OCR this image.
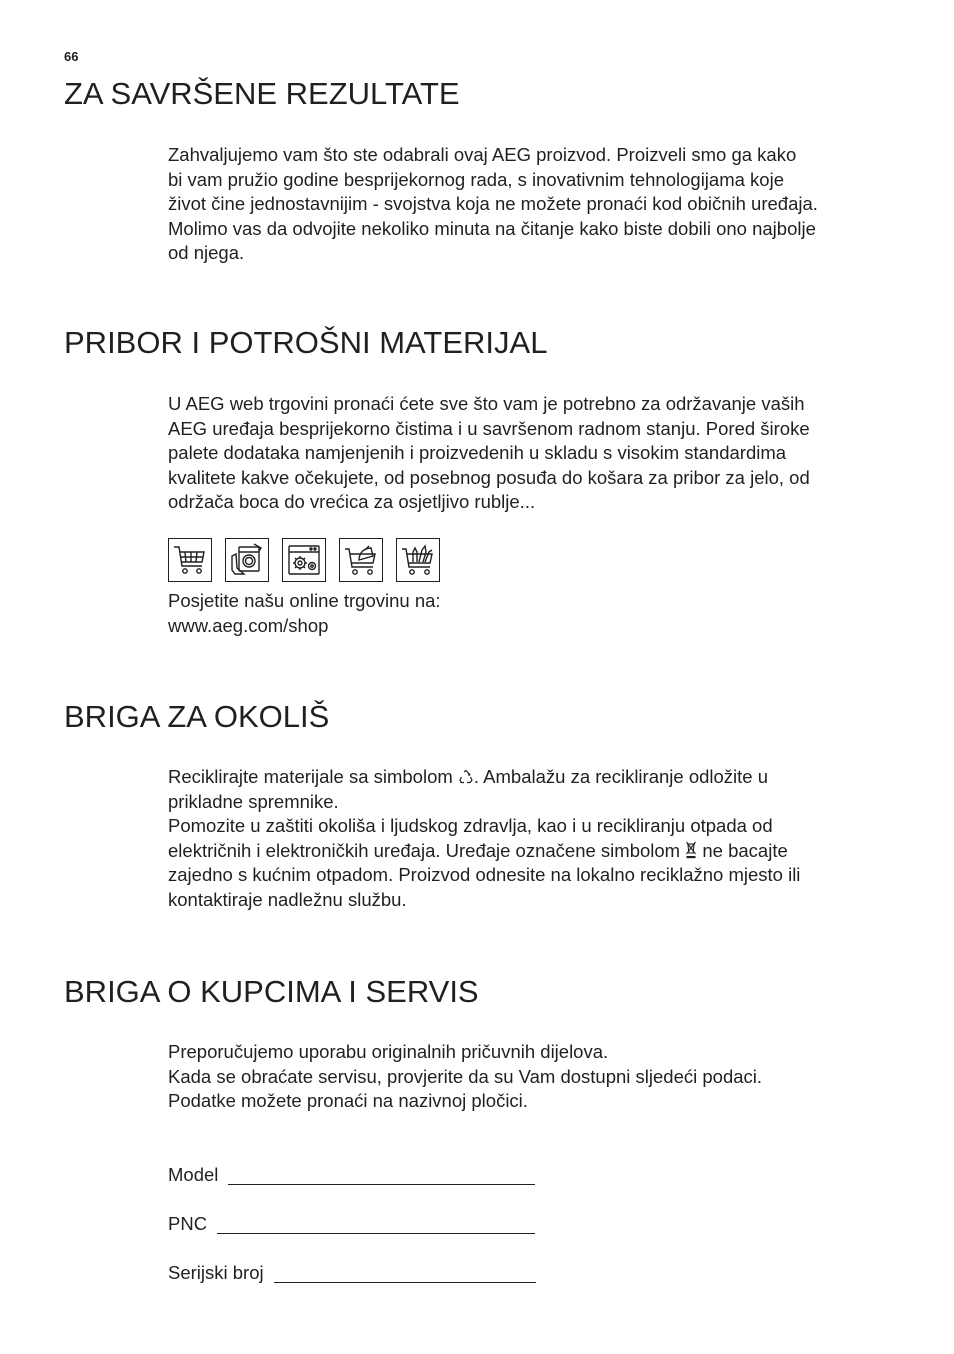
66
ZA SAVRŠENE REZULTATE
Zahvaljujemo vam što ste odabrali ovaj AEG proizvod. Proizveli smo ga kako
bi vam pružio godine besprijekornog rada, s inovativnim tehnologijama koje
život čine jednostavnijim - svojstva koja ne možete pronaći kod običnih uređaja.
Molimo vas da odvojite nekoliko minuta na čitanje kako biste dobili ono najbolje
od njega.
PRIBOR I POTROŠNI MATERIJAL
U AEG web trgovini pronaći ćete sve što vam je potrebno za održavanje vaših
AEG uređaja besprijekorno čistima i u savršenom radnom stanju. Pored široke
palete dodataka namjenjenih i proizvedenih u skladu s visokim standardima
kvalitete kakve očekujete, od posebnog posuđa do košara za pribor za jelo, od
održača boca do vrećica za osjetljivo rublje...
Posjetite našu online trgovinu na:
www.aeg.com/shop
BRIGA ZA OKOLIŠ
Reciklirajte materijale sa simbolom . Ambalažu za recikliranje odložite u
prikladne spremnike.
Pomozite u zaštiti okoliša i ljudskog zdravlja, kao i u recikliranju otpada od
električnih i elektroničkih uređaja. Uređaje označene simbolom  ne bacajte
zajedno s kućnim otpadom. Proizvod odnesite na lokalno reciklažno mjesto ili
kontaktiraje nadležnu službu.
BRIGA O KUPCIMA I SERVIS
Preporučujemo uporabu originalnih pričuvnih dijelova.
Kada se obraćate servisu, provjerite da su Vam dostupni sljedeći podaci.
Podatke možete pronaći na nazivnoj pločici.
Model
PNC
Serijski broj
